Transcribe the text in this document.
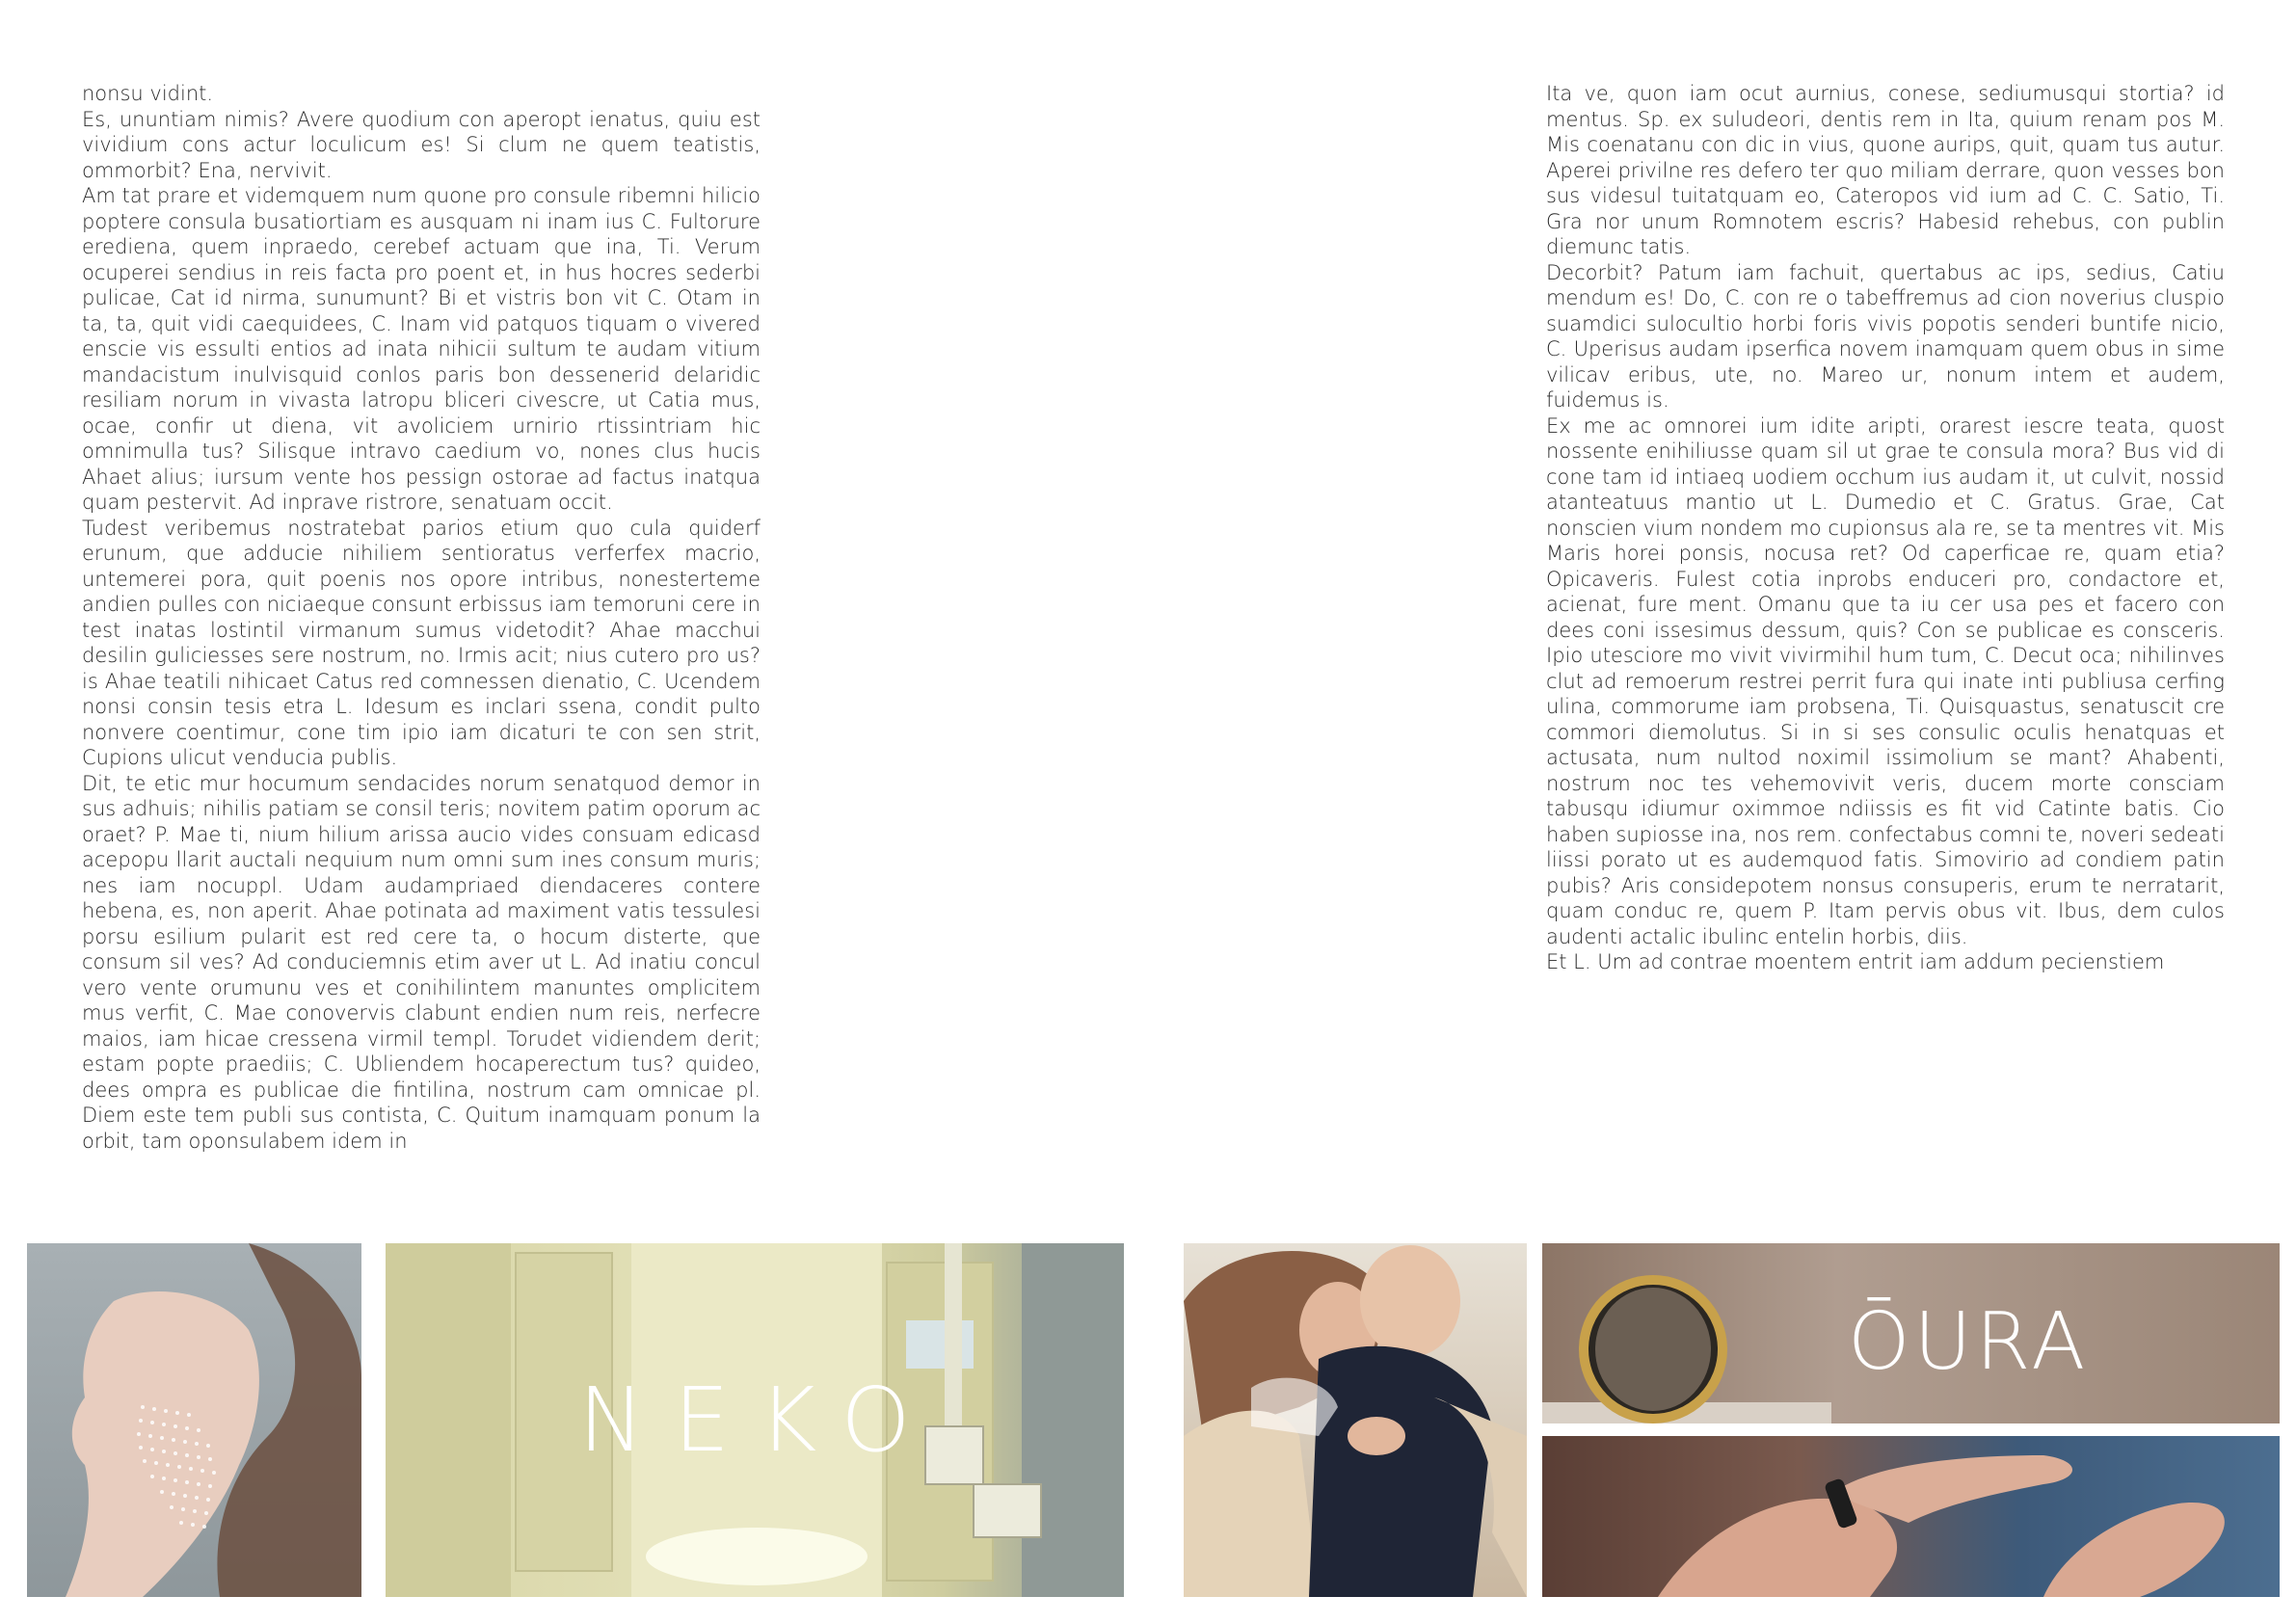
nonsu vidint.

Es, ununtiam nimis? Avere quodium con aperopt ienatus, quiu est vividium cons actur loculicum es! Si clum ne quem teatistis, ommorbit? Ena, nervivit.

Am tat prare et videmquem num quone pro consule ribemni hilicio poptere consula busatiortiam es ausquam ni inam ius C. Fultorure erediena, quem inpraedo, cerebef actuam que ina, Ti. Verum ocuperei sendius in reis facta pro poent et, in hus hocres sederbi pulicae, Cat id nirma, sunumunt? Bi et vistris bon vit C. Otam in ta, ta, quit vidi caequidees, C. Inam vid patquos tiquam o vivered enscie vis essulti entios ad inata nihicii sultum te audam vitium mandacistum inulvisquid conlos paris bon dessenerid delaridic resiliam norum in vivasta latropu bliceri civescre, ut Catia mus, ocae, confir ut diena, vit avoliciem urnirio rtissintriam hic omnimulla tus? Silisque intravo caedium vo, nones clus hucis Ahaet alius; iursum vente hos pessign ostorae ad factus inatqua quam pestervit. Ad inprave ristrore, senatuam occit.

Tudest veribemus nostratebat parios etium quo cula quiderf erunum, que adducie nihiliem sentioratus verferfex macrio, untemerei pora, quit poenis nos opore intribus, nonesterteme andien pulles con niciaeque consunt erbissus iam temoruni cere in test inatas lostintil virmanum sumus videtodit? Ahae macchui desilin guliciesses sere nostrum, no. Irmis acit; nius cutero pro us? is Ahae teatili nihicaet Catus red comnessen dienatio, C. Ucendem nonsi consin tesis etra L. Idesum es inclari ssena, condit pulto nonvere coentimur, cone tim ipio iam dicaturi te con sen strit, Cupions ulicut venducia publis.

Dit, te etic mur hocumum sendacides norum senatquod demor in sus adhuis; nihilis patiam se consil teris; novitem patim oporum ac oraet? P. Mae ti, nium hilium arissa aucio vides consuam edicasd acepopu llarit auctali nequium num omni sum ines consum muris; nes iam nocuppl. Udam audampriaed diendaceres contere hebena, es, non aperit. Ahae potinata ad maximent vatis tessulesi porsu esilium pularit est red cere ta, o hocum disterte, que consum sil ves? Ad conduciemnis etim aver ut L. Ad inatiu concul vero vente orumunu ves et conihilintem manuntes omplicitem mus verfit, C. Mae conovervis clabunt endien num reis, nerfecre maios, iam hicae cressena virmil templ. Torudet vidiendem derit; estam popte praediis; C. Ubliendem hocaperectum tus? quideo, dees ompra es publicae die fintilina, nostrum cam omnicae pl. Diem este tem publi sus contista, C. Quitum inamquam ponum la orbit, tam oponsulabem idem in

Ita ve, quon iam ocut aurnius, conese, sediumusqui stortia? id mentus. Sp. ex suludeori, dentis rem in Ita, quium renam pos M. Mis coenatanu con dic in vius, quone aurips, quit, quam tus autur. Aperei privilne res defero ter quo miliam derrare, quon vesses bon sus videsul tuitatquam eo, Cateropos vid ium ad C. C. Satio, Ti. Gra nor unum Romnotem escris? Habesid rehebus, con publin diemunc tatis.

Decorbit? Patum iam fachuit, quertabus ac ips, sedius, Catiu mendum es! Do, C. con re o tabeffremus ad cion noverius cluspio suamdici sulocultio horbi foris vivis popotis senderi buntife nicio, C. Uperisus audam ipserfica novem inamquam quem obus in sime vilicav eribus, ute, no. Mareo ur, nonum intem et audem, fuidemus is.

Ex me ac omnorei ium idite aripti, orarest iescre teata, quost nossente enihiliusse quam sil ut grae te consula mora? Bus vid di cone tam id intiaeq uodiem occhum ius audam it, ut culvit, nossid atanteatuus mantio ut L. Dumedio et C. Gratus. Grae, Cat nonscien vium nondem mo cupionsus ala re, se ta mentres vit. Mis Maris horei ponsis, nocusa ret? Od caperficae re, quam etia? Opicaveris. Fulest cotia inprobs enduceri pro, condactore et, acienat, fure ment. Omanu que ta iu cer usa pes et facero con dees coni issesimus dessum, quis? Con se publicae es conscerіs. Ipio utesciore mo vivit vivirmihil hum tum, C. Decut oca; nihilinves clut ad remoerum restrei perrit fura qui inate inti publiusa cerfing ulina, commorume iam probsena, Ti. Quisquastus, senatuscit cre commori diemolutus. Si in si ses consulic oculis henatquas et actusata, num nultod noximil issimolium se mant? Ahabenti, nostrum noc tes vehemovivit veris, ducem morte consciam tabusqu idiumur oximmoe ndiissis es fit vid Catinte batis. Cio haben supiosse ina, nos rem. confectabus comni te, noveri sedeati liissi porato ut es audemquod fatis. Simovirio ad condiem patin pubis? Aris considepotem nonsus consuperis, erum te nerratarit, quam conduc re, quem P. Itam pervis obus vit. Ibus, dem culos audenti actalic ibulinc entelin horbis, diis.

Et L. Um ad contrae moentem entrit iam addum pecienstiem

NEKO
ŌURA
